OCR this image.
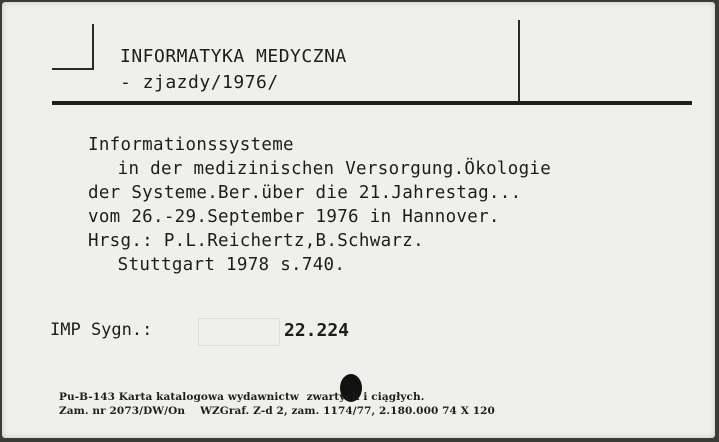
INFORMATYKA MEDYCZNA
- zjazdy/1976/
Informationssysteme
in der medizinischen Versorgung.Ökologie
der Systeme.Ber.über die 21.Jahrestag...
vom 26.-29.September 1976 in Hannover.
Hrsg.: P.L.Reichertz,B.Schwarz.
Stuttgart 1978 s.740.
IMP Sygn.:	22.224
Pu-B-143 Karta katalogowa wydawnictw  zwartych i ciągłych.
Zam. nr 2073/DW/On    WZGraf. Z-d 2, zam. 1174/77, 2.180.000 74 X 120
